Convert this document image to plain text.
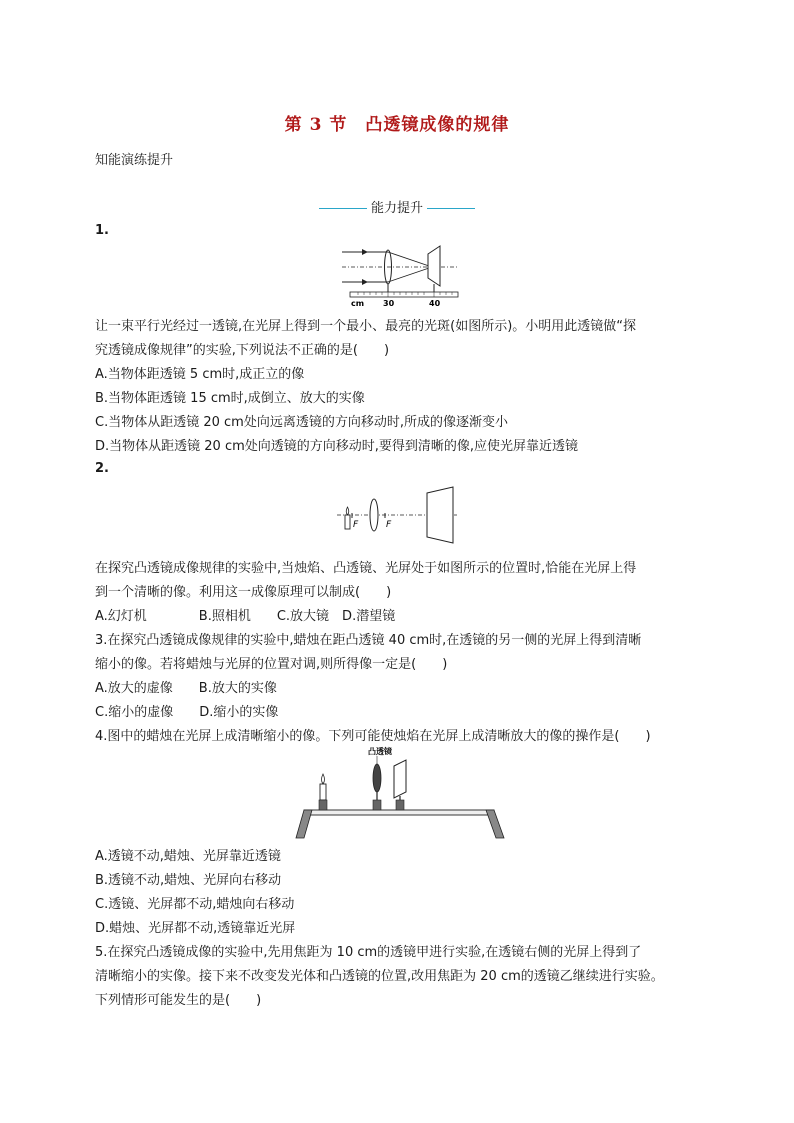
第 3 节　凸透镜成像的规律
知能演练提升
能力提升
1.
cm 30	40
让一束平行光经过一透镜,在光屏上得到一个最小、最亮的光斑(如图所示)。小明用此透镜做“探
究透镜成像规律”的实验,下列说法不正确的是(　　)
A.当物体距透镜 5 cm时,成正立的像
B.当物体距透镜 15 cm时,成倒立、放大的实像
C.当物体从距透镜 20 cm处向远离透镜的方向移动时,所成的像逐渐变小
D.当物体从距透镜 20 cm处向透镜的方向移动时,要得到清晰的像,应使光屏靠近透镜
2.
F	F
在探究凸透镜成像规律的实验中,当烛焰、凸透镜、光屏处于如图所示的位置时,恰能在光屏上得
到一个清晰的像。利用这一成像原理可以制成(　　)
A.幻灯机　　　　B.照相机　　C.放大镜　D.潜望镜
3.在探究凸透镜成像规律的实验中,蜡烛在距凸透镜 40 cm时,在透镜的另一侧的光屏上得到清晰
缩小的像。若将蜡烛与光屏的位置对调,则所得像一定是(　　)
A.放大的虚像　　B.放大的实像
C.缩小的虚像　　D.缩小的实像
4.图中的蜡烛在光屏上成清晰缩小的像。下列可能使烛焰在光屏上成清晰放大的像的操作是(　　)
凸透镜
A.透镜不动,蜡烛、光屏靠近透镜
B.透镜不动,蜡烛、光屏向右移动
C.透镜、光屏都不动,蜡烛向右移动
D.蜡烛、光屏都不动,透镜靠近光屏
5.在探究凸透镜成像的实验中,先用焦距为 10 cm的透镜甲进行实验,在透镜右侧的光屏上得到了
清晰缩小的实像。接下来不改变发光体和凸透镜的位置,改用焦距为 20 cm的透镜乙继续进行实验。
下列情形可能发生的是(　　)
